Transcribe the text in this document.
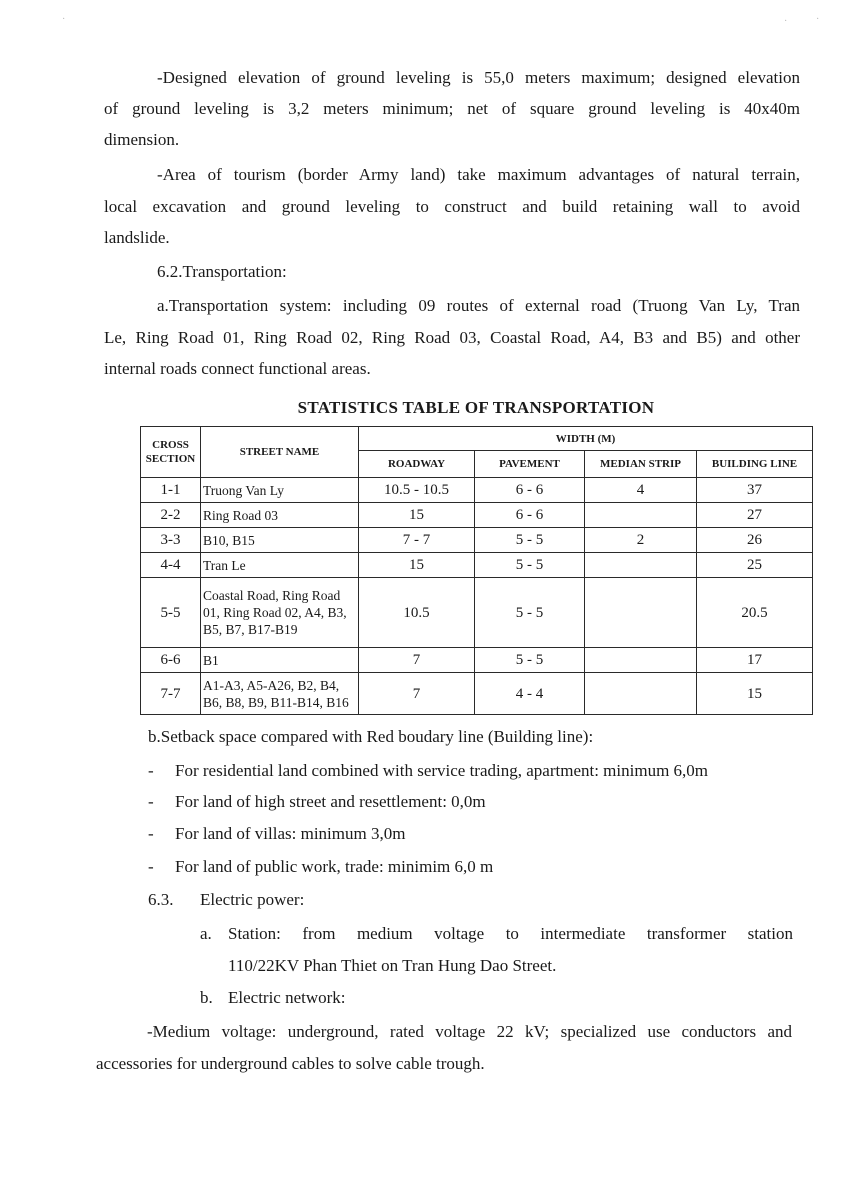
·	·	·
-Designed elevation of ground leveling is 55,0 meters maximum; designed elevation
of ground leveling is 3,2 meters minimum; net of square ground leveling is 40x40m
dimension.
-Area of tourism (border Army land) take maximum advantages of natural terrain,
local excavation and ground leveling to construct and build retaining wall to avoid
landslide.
6.2.Transportation:
a.Transportation system: including 09 routes of external road (Truong Van Ly, Tran
Le, Ring Road 01, Ring Road 02, Ring Road 03, Coastal Road, A4, B3 and B5) and other
internal roads connect functional areas.
STATISTICS TABLE OF TRANSPORTATION
CROSS SECTION	STREET NAME	WIDTH (M)			
		ROADWAY	PAVEMENT	MEDIAN STRIP	BUILDING LINE
1-1	Truong Van Ly	10.5 - 10.5	6 - 6	4	37
2-2	Ring Road 03	15	6 - 6		27
3-3	B10, B15	7 - 7	5 - 5	2	26
4-4	Tran Le	15	5 - 5		25
5-5	Coastal Road, Ring Road 01, Ring Road 02, A4, B3, B5, B7, B17-B19	10.5	5 - 5		20.5
6-6	B1	7	5 - 5		17
7-7	A1-A3, A5-A26, B2, B4, B6, B8, B9, B11-B14, B16	7	4 - 4		15
b.Setback space compared with Red boudary line (Building line):
- For residential land combined with service trading, apartment: minimum 6,0m
- For land of high street and resettlement: 0,0m
- For land of villas: minimum 3,0m
- For land of public work, trade: minimim 6,0 m
6.3. Electric power:
a. Station: from medium voltage to intermediate transformer station
110/22KV Phan Thiet on Tran Hung Dao Street.
b. Electric network:
-Medium voltage: underground, rated voltage 22 kV; specialized use conductors and
accessories for underground cables to solve cable trough.
